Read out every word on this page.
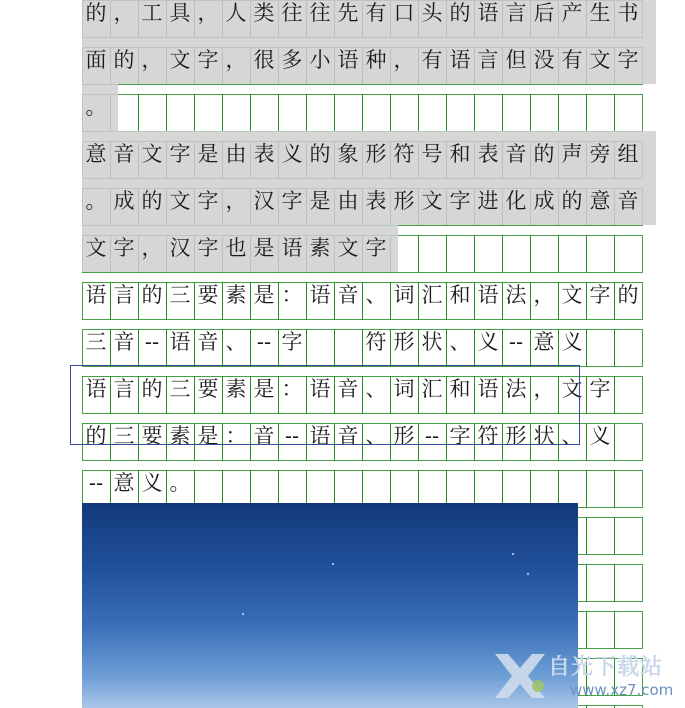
的 ， 工 具 ， 人 类 往 往 先 有 口 头 的 语 言 后 产 生 书
面 的 ， 文 字 ， 很 多 小 语 种 ， 有 语 言 但 没 有 文 字
。
意 音 文 字 是 由 表 义 的 象 形 符 号 和 表 音 的 声 旁 组
。 成 的 文 字 ， 汉 字 是 由 表 形 文 字 进 化 成 的 意 音
文 字 ， 汉 字 也 是 语 素 文 字
语 言 的 三 要 素 是 ： 语 音 、 词 汇 和 语 法 ， 文 字 的
三 音 -- 语 音 、 -- 字	符 形 状 、 义 -- 意 义
语 言 的 三 要 素 是 ： 语 音 、 词 汇 和 语 法 ， 文 字
的 三 要 素 是 ： 音 -- 语 音 、 形 -- 字 符 形 状 、 义
-- 意 义 。
自光下载站
www.xz7.com
